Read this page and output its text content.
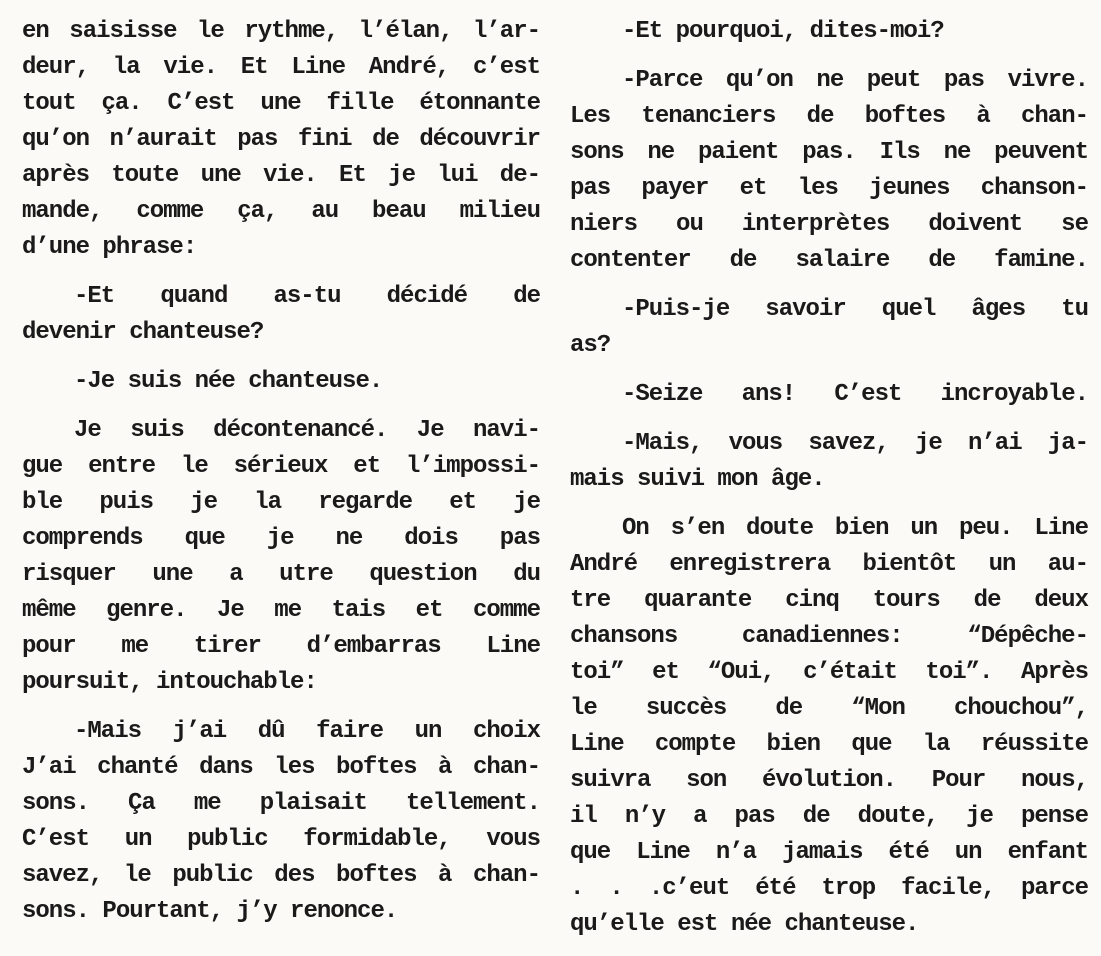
en saisisse le rythme, l’élan, l’ar-
deur, la vie. Et Line André, c’est
tout ça. C’est une fille étonnante
qu’on n’aurait pas fini de découvrir
après toute une vie. Et je lui de-
mande, comme ça, au beau milieu
d’une phrase:
-Et quand as-tu décidé de
devenir chanteuse?
-Je suis née chanteuse.
Je suis décontenancé. Je navi-
gue entre le sérieux et l’impossi-
ble puis je la regarde et je
comprends que je ne dois pas
risquer une a utre question du
même genre. Je me tais et comme
pour me tirer d’embarras Line
poursuit, intouchable:
-Mais j’ai dû faire un choix
J’ai chanté dans les boftes à chan-
sons. Ça me plaisait tellement.
C’est un public formidable, vous
savez, le public des boftes à chan-
sons. Pourtant, j’y renonce.
-Et pourquoi, dites-moi?
-Parce qu’on ne peut pas vivre.
Les tenanciers de boftes à chan-
sons ne paient pas. Ils ne peuvent
pas payer et les jeunes chanson-
niers ou interprètes doivent se
contenter de salaire de famine.
-Puis-je savoir quel âges tu
as?
-Seize ans! C’est incroyable.
-Mais, vous savez, je n’ai ja-
mais suivi mon âge.
On s’en doute bien un peu. Line
André enregistrera bientôt un au-
tre quarante cinq tours de deux
chansons canadiennes: “Dépêche-
toi” et “Oui, c’était toi”. Après
le succès de “Mon chouchou”,
Line compte bien que la réussite
suivra son évolution. Pour nous,
il n’y a pas de doute, je pense
que Line n’a jamais été un enfant
. . .c’eut été trop facile, parce
qu’elle est née chanteuse.
